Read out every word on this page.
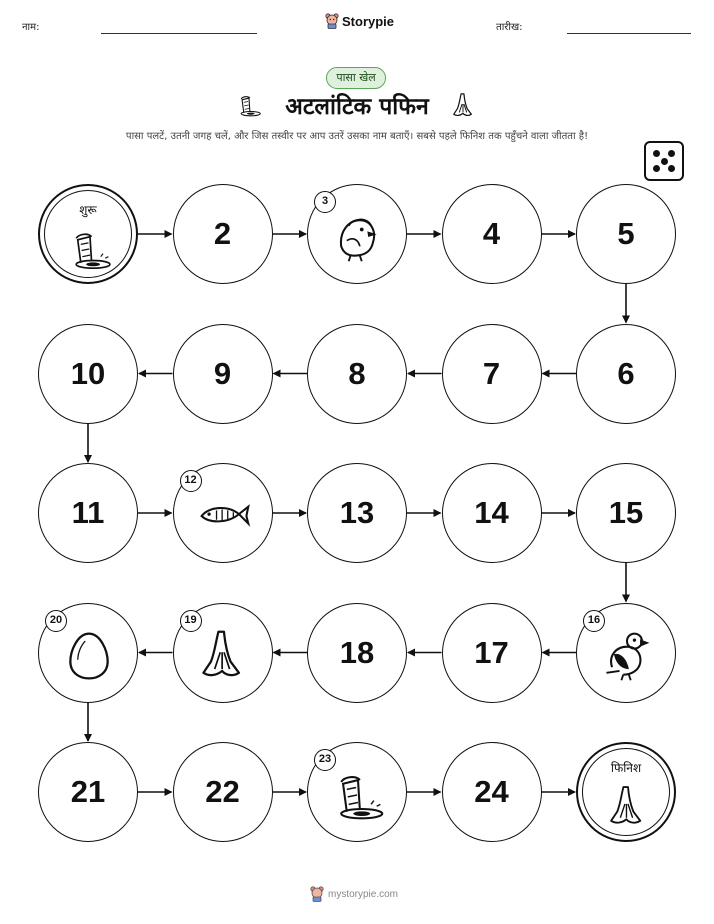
नाम:	Storypie	तारीख:
पासा खेल
अटलांटिक पफिन
पासा पलटें, उतनी जगह चलें, और जिस तस्वीर पर आप उतरें उसका नाम बताएँ। सबसे पहले फिनिश तक पहुँचने वाला जीतता है!
शुरू
2
3
4	5
6
7
8
9
10
11
12
13	14	15
16
17
18
19
20
21	22
23
24
फिनिश
mystorypie.com
